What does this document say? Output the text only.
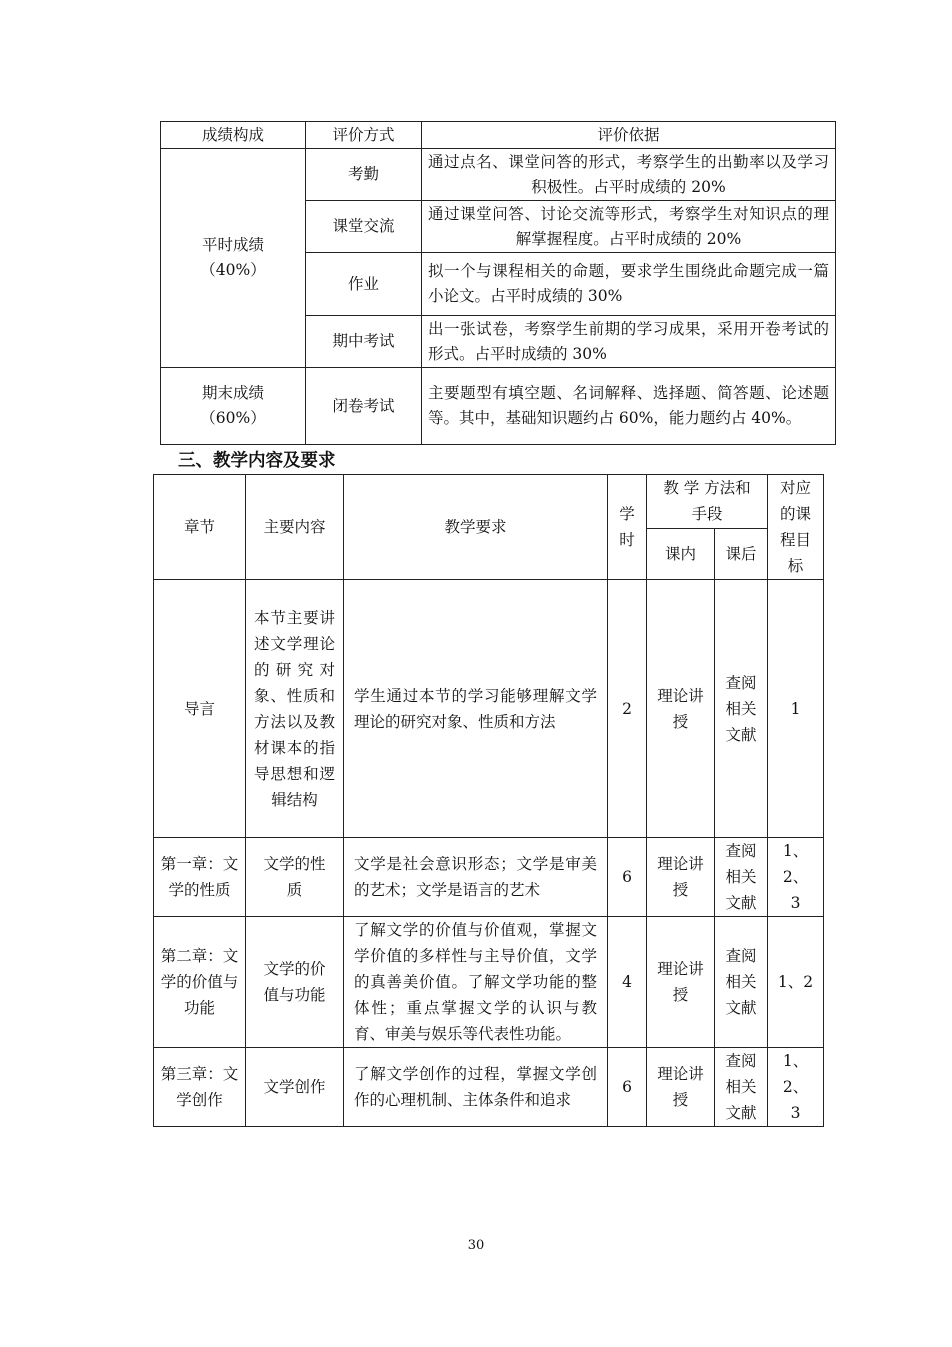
成绩构成	评价方式	评价依据

平时成绩
（40%）	考勤	通过点名、课堂问答的形式，考察学生的出勤率以及学习积极性。占平时成绩的 20%
	课堂交流	通过课堂问答、讨论交流等形式，考察学生对知识点的理解掌握程度。占平时成绩的 20%
	作业	拟一个与课程相关的命题，要求学生围绕此命题完成一篇小论文。占平时成绩的 30%
	期中考试	出一张试卷，考察学生前期的学习成果，采用开卷考试的形式。占平时成绩的 30%

期末成绩
（60%）	闭卷考试	主要题型有填空题、名词解释、选择题、简答题、论述题等。其中，基础知识题约占 60%，能力题约占 40%。
三、教学内容及要求
章节	主要内容	教学要求	学时	教 学 方法和手段		对应的课程目标
				课内	课后	
导言	本节主要讲述文学理论 的研究对象、性质和方法以及教材课本的指导思想和逻辑结构	学生通过本节的学习能够理解文学理论的研究对象、性质和方法	2	理论讲授	查阅相关文献	1
第一章：文学的性质	文学的性质	文学是社会意识形态；文学是审美的艺术；文学是语言的艺术	6	理论讲授	查阅相关文献	1、2、3
第二章：文学的价值与功能	文学的价值与功能	了解文学的价值与价值观，掌握文学价值的多样性与主导价值，文学的真善美价值。了解文学功能的整体性；重点掌握文学的认识与教育、审美与娱乐等代表性功能。	4	理论讲授	查阅相关文献	1、2
第三章：文学创作	文学创作	了解文学创作的过程，掌握文学创作的心理机制、主体条件和追求	6	理论讲授	查阅相关文献	1、2、3
30
